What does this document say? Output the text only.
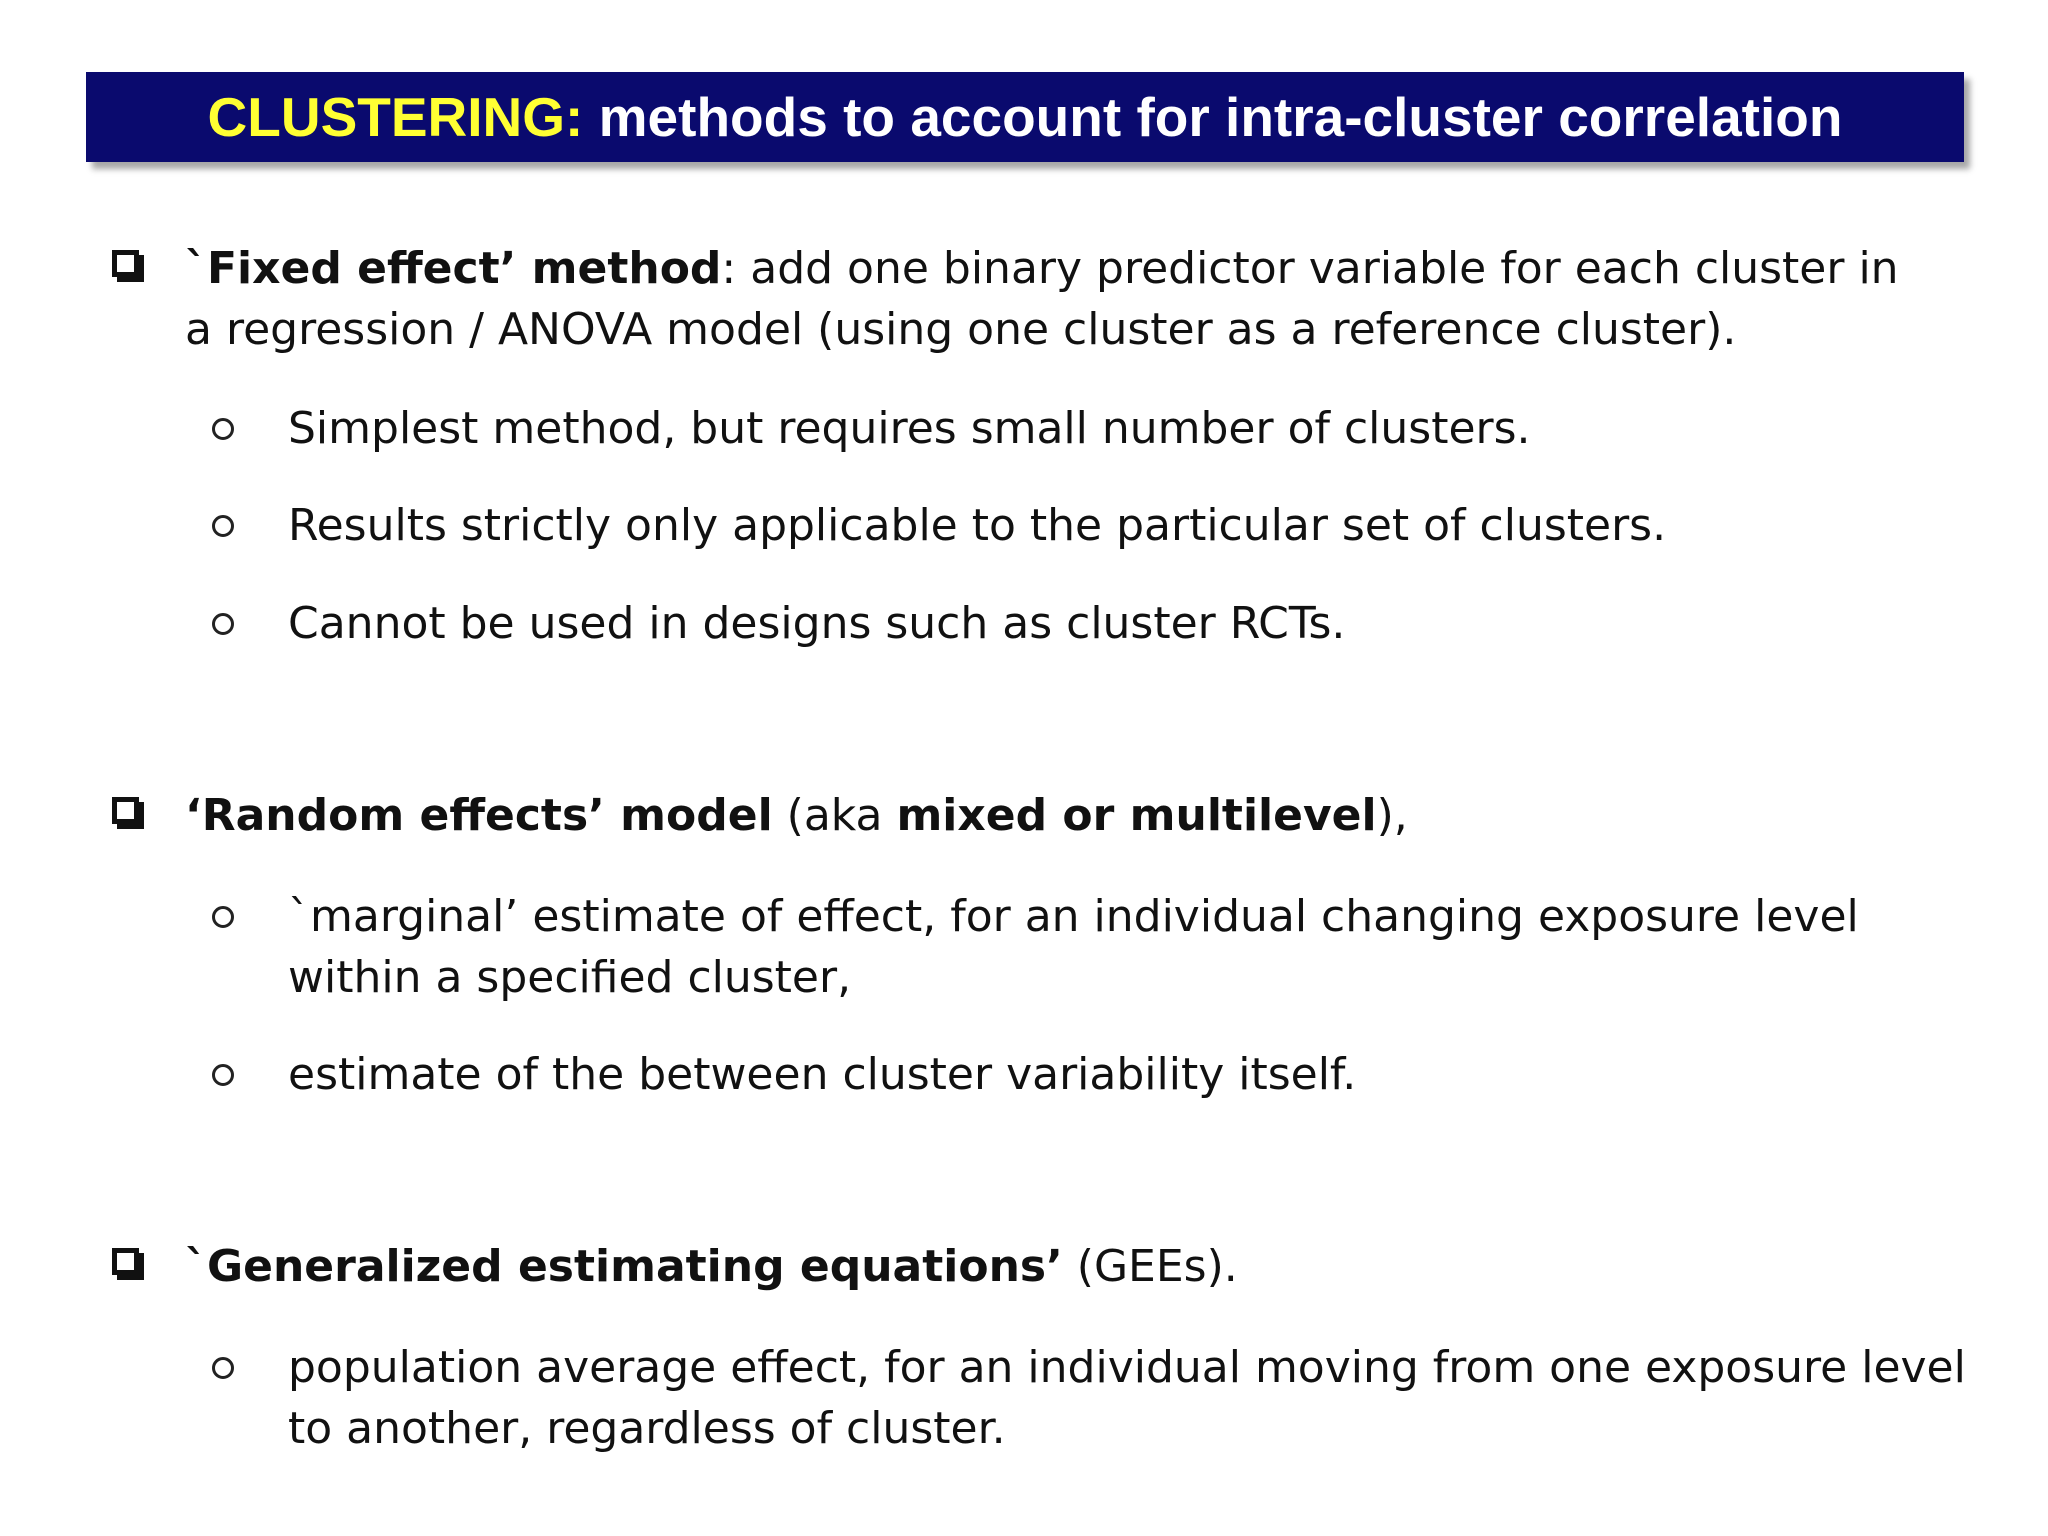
CLUSTERING: methods to account for intra-cluster correlation
`Fixed effect’ method: add one binary predictor variable for each cluster in a regression / ANOVA model (using one cluster as a reference cluster).
Simplest method, but requires small number of clusters.
Results strictly only applicable to the particular set of clusters.
Cannot be used in designs such as cluster RCTs.
‘Random effects’ model (aka mixed or multilevel),
`marginal’ estimate of effect, for an individual changing exposure level within a specified cluster,
estimate of the between cluster variability itself.
`Generalized estimating equations’ (GEEs).
population average effect, for an individual moving from one exposure level to another, regardless of cluster.
